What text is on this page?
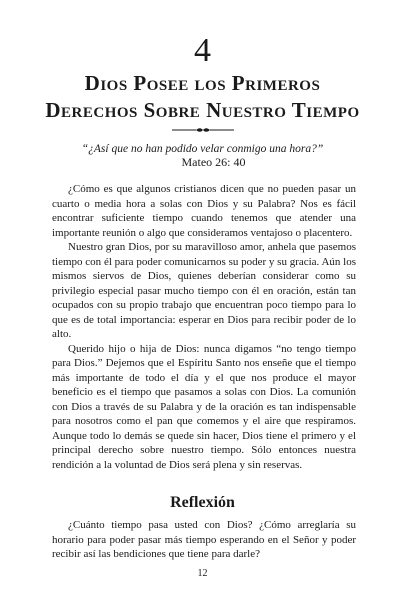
4
Dios Posee los Primeros
Derechos Sobre Nuestro Tiempo
“¿Así que no han podido velar conmigo una hora?”
Mateo 26: 40

¿Cómo es que algunos cristianos dicen que no pueden pasar un cuarto o media hora a solas con Dios y su Palabra? Nos es fácil encontrar suficiente tiempo cuando tenemos que atender una importante reunión o algo que consideramos ventajoso o placentero.

Nuestro gran Dios, por su maravilloso amor, anhela que pasemos tiempo con él para poder comunicarnos su poder y su gracia. Aún los mismos siervos de Dios, quienes deberían considerar como su privilegio especial pasar mucho tiempo con él en oración, están tan ocupados con su propio trabajo que encuentran poco tiempo para lo que es de total importancia: esperar en Dios para recibir poder de lo alto.

Querido hijo o hija de Dios: nunca digamos “no tengo tiempo para Dios.” Dejemos que el Espíritu Santo nos enseñe que el tiempo más importante de todo el día y el que nos produce el mayor beneficio es el tiempo que pasamos a solas con Dios. La comunión con Dios a través de su Palabra y de la oración es tan indispensable para nosotros como el pan que comemos y el aire que respiramos. Aunque todo lo demás se quede sin hacer, Dios tiene el primero y el principal derecho sobre nuestro tiempo. Sólo entonces nuestra rendición a la voluntad de Dios será plena y sin reservas.

Reflexión

¿Cuánto tiempo pasa usted con Dios? ¿Cómo arreglaría su horario para poder pasar más tiempo esperando en el Señor y poder recibir así las bendiciones que tiene para darle?

12
